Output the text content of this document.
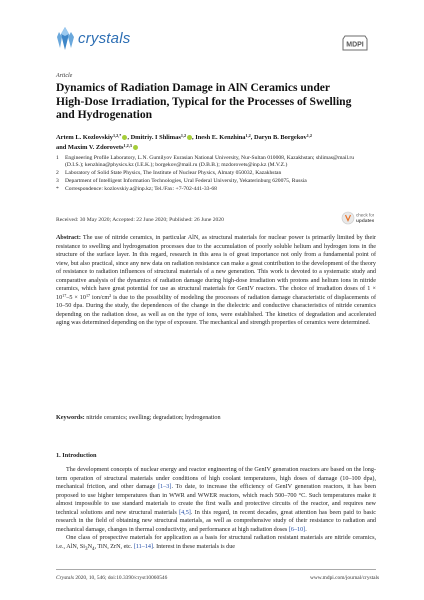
crystals	MDPI
Article
Dynamics of Radiation Damage in AlN Ceramics under High-Dose Irradiation, Typical for the Processes of Swelling and Hydrogenation
Artem L. Kozlovskiy$^{1,2,*}$ , Dmitriy. I Shlimas$^{1,2}$ , Inesh E. Kenzhina$^{1,2}$, Daryn B. Borgekov$^{1,2}$
and Maxim V. Zdorovets$^{1,2,3}$
1	Engineering Profile Laboratory, L.N. Gumilyov Eurasian National University, Nur-Sultan 010008, Kazakhstan; shlimas@mail.ru (D.I.S.); kenzhina@physics.kz (I.E.K.); borgekov@mail.ru (D.B.B.); mzdorovets@inp.kz (M.V.Z.)
2	Laboratory of Solid State Physics, The Institute of Nuclear Physics, Almaty 050032, Kazakhstan
3	Department of Intelligent Information Technologies, Ural Federal University, Yekaterinburg 620075, Russia
*	Correspondence: kozlovskiy.a@inp.kz; Tel./Fax: +7-702-441-33-68
Received: 30 May 2020; Accepted: 22 June 2020; Published: 26 June 2020
check for
updates
Abstract: The use of nitride ceramics, in particular AlN, as structural materials for nuclear power is primarily limited by their resistance to swelling and hydrogenation processes due to the accumulation of poorly soluble helium and hydrogen ions in the structure of the surface layer. In this regard, research in this area is of great importance not only from a fundamental point of view, but also practical, since any new data on radiation resistance can make a great contribution to the development of the theory of resistance to radiation influences of structural materials of a new generation. This work is devoted to a systematic study and comparative analysis of the dynamics of radiation damage during high-dose irradiation with protons and helium ions in nitride ceramics, which have great potential for use as structural materials for GenIV reactors. The choice of irradiation doses of $1 \times 10^{17}-5 \times 10^{17}$ ion/$cm^2$ is due to the possibility of modeling the processes of radiation damage characteristic of displacements of 10–50 dpa. During the study, the dependences of the change in the dielectric and conductive characteristics of nitride ceramics depending on the radiation dose, as well as on the type of ions, were established. The kinetics of degradation and accelerated aging was determined depending on the type of exposure. The mechanical and strength properties of ceramics were determined.
Keywords: nitride ceramics; swelling; degradation; hydrogenation
1. Introduction

The development concepts of nuclear energy and reactor engineering of the GenIV generation reactors are based on the long-term operation of structural materials under conditions of high coolant temperatures, high doses of damage (10–100 dpa), mechanical friction, and other damage [1–3]. To date, to increase the efficiency of GenIV generation reactors, it has been proposed to use higher temperatures than in WWR and WWER reactors, which reach 500–700 °C. Such temperatures make it almost impossible to use standard materials to create the first walls and protective circuits of the reactor, and requires new technical solutions and new structural materials [4,5]. In this regard, in recent decades, great attention has been paid to basic research in the field of obtaining new structural materials, as well as comprehensive study of their resistance to radiation and mechanical damage, changes in thermal conductivity, and performance at high radiation doses [6–10].

One class of prospective materials for application as a basis for structural radiation resistant materials are nitride ceramics, i.e., AlN, $Si_3N_4$, TiN, ZrN, etc. [11–14]. Interest in these materials is due

Crystals 2020, 10, 546; doi:10.3390/cryst10060546	www.mdpi.com/journal/crystals
